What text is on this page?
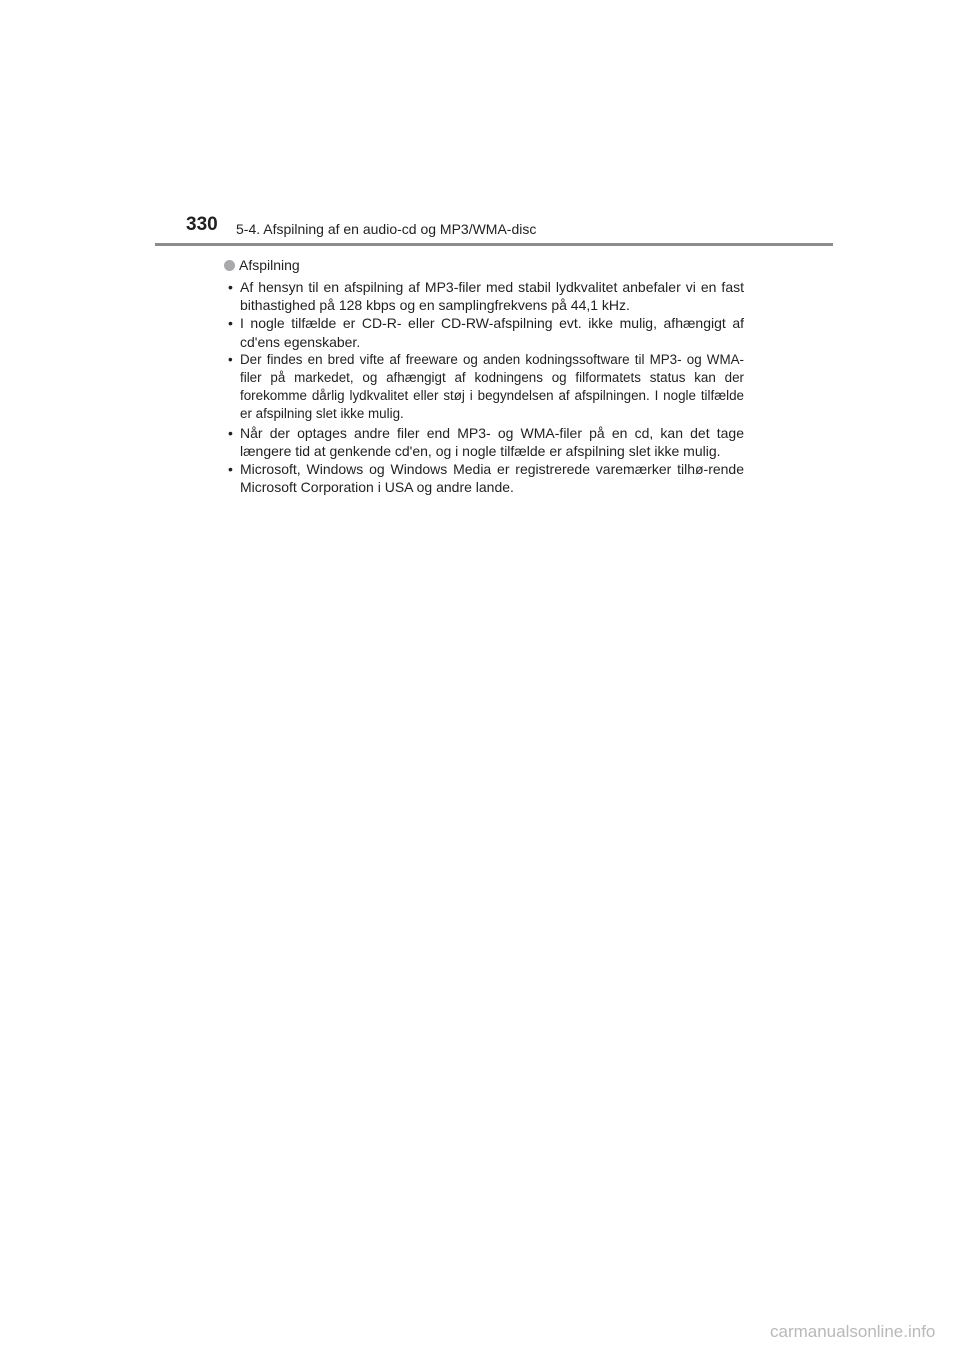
330 5-4. Afspilning af en audio-cd og MP3/WMA-disc
Afspilning
• Af hensyn til en afspilning af MP3-filer med stabil lydkvalitet anbefaler vi en fast bithastighed på 128 kbps og en samplingfrekvens på 44,1 kHz.
• I nogle tilfælde er CD-R- eller CD-RW-afspilning evt. ikke mulig, afhængigt af cd'ens egenskaber.
• Der findes en bred vifte af freeware og anden kodningssoftware til MP3- og WMA-filer på markedet, og afhængigt af kodningens og filformatets status kan der forekomme dårlig lydkvalitet eller støj i begyndelsen af afspilningen. I nogle tilfælde er afspilning slet ikke mulig.
• Når der optages andre filer end MP3- og WMA-filer på en cd, kan det tage længere tid at genkende cd'en, og i nogle tilfælde er afspilning slet ikke mulig.
• Microsoft, Windows og Windows Media er registrerede varemærker tilhø-rende Microsoft Corporation i USA og andre lande.
carmanualsonline.info
